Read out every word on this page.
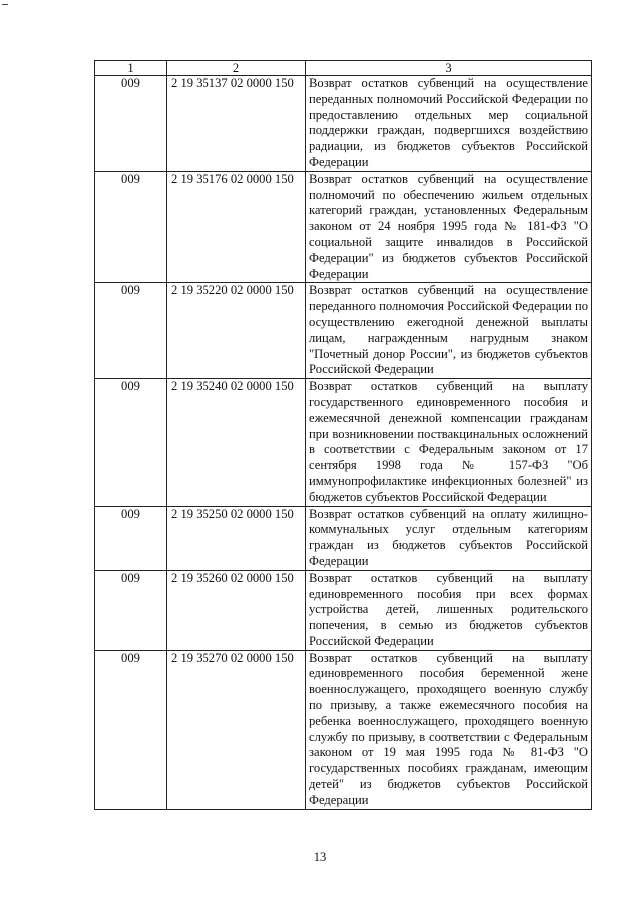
1	2	3
009	2 19 35137 02 0000 150	Возврат остатков субвенций на осуществление переданных полномочий Российской Федерации по предоставлению отдельных мер социальной поддержки граждан, подвергшихся воздействию радиации, из бюджетов субъектов Российской Федерации
009	2 19 35176 02 0000 150	Возврат остатков субвенций на осуществление полномочий по обеспечению жильем отдельных категорий граждан, установленных Федеральным законом от 24 ноября 1995 года № 181-ФЗ "О социальной защите инвалидов в Российской Федерации" из бюджетов субъектов Российской Федерации
009	2 19 35220 02 0000 150	Возврат остатков субвенций на осуществление переданного полномочия Российской Федерации по осуществлению ежегодной денежной выплаты лицам, награжденным нагрудным знаком "Почетный донор России", из бюджетов субъектов Российской Федерации
009	2 19 35240 02 0000 150	Возврат остатков субвенций на выплату государственного единовременного пособия и ежемесячной денежной компенсации гражданам при возникновении поствакцинальных осложнений в соответствии с Федеральным законом от 17 сентября 1998 года № 157-ФЗ "Об иммунопрофилактике инфекционных болезней" из бюджетов субъектов Российской Федерации
009	2 19 35250 02 0000 150	Возврат остатков субвенций на оплату жилищно-коммунальных услуг отдельным категориям граждан из бюджетов субъектов Российской Федерации
009	2 19 35260 02 0000 150	Возврат остатков субвенций на выплату единовременного пособия при всех формах устройства детей, лишенных родительского попечения, в семью из бюджетов субъектов Российской Федерации
009	2 19 35270 02 0000 150	Возврат остатков субвенций на выплату единовременного пособия беременной жене военнослужащего, проходящего военную службу по призыву, а также ежемесячного пособия на ребенка военнослужащего, проходящего военную службу по призыву, в соответствии с Федеральным законом от 19 мая 1995 года № 81-ФЗ "О государственных пособиях гражданам, имеющим детей" из бюджетов субъектов Российской Федерации
13
